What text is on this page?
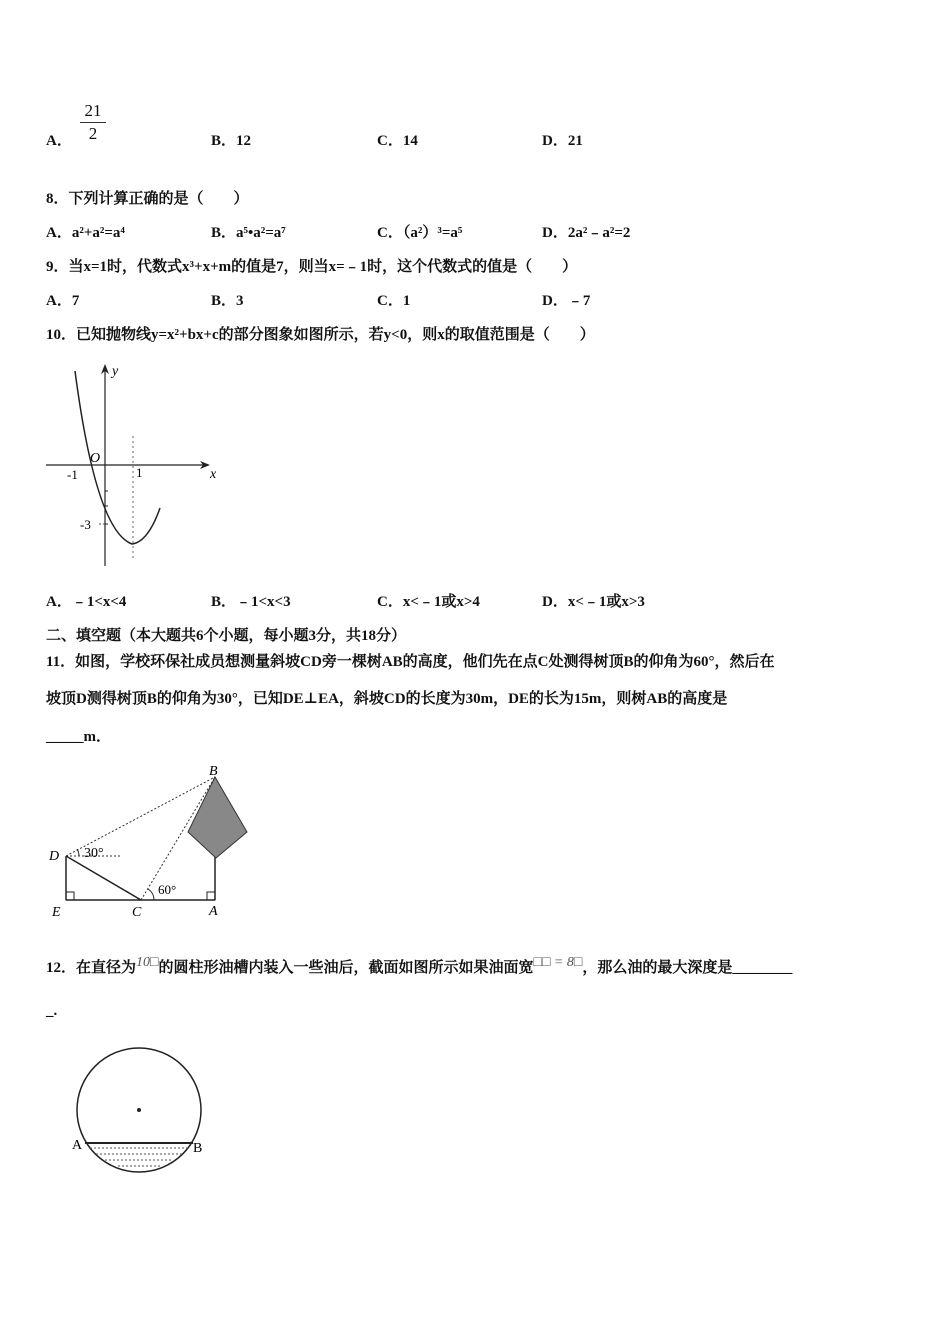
A．
21
2	B．12	C．14	D．21
8．下列计算正确的是（　　）
A．a²+a²=a⁴	B．a⁵•a²=a⁷	C．（a²）³=a⁵	D．2a²﹣a²=2
9．当x=1时，代数式x³+x+m的值是7，则当x=﹣1时，这个代数式的值是（　　）
A．7	B．3	C．1	D．﹣7
10．已知抛物线y=x²+bx+c的部分图象如图所示，若y<0，则x的取值范围是（　　）
y
x
O
-1	1
-3
A．﹣1<x<4	B．﹣1<x<3	C．x<﹣1或x>4	D．x<﹣1或x>3
二、填空题（本大题共6个小题，每小题3分，共18分）
11．如图，学校环保社成员想测量斜坡CD旁一棵树AB的高度，他们先在点C处测得树顶B的仰角为60°，然后在
坡顶D测得树顶B的仰角为30°，已知DE⊥EA，斜坡CD的长度为30m，DE的长为15m，则树AB的高度是
_____m．
B
D
E	C	A
30°
60°
12．在直径为10□的圆柱形油槽内装入一些油后，截面如图所示如果油面宽□□ = 8□，那么油的最大深度是________
_.
A	B
